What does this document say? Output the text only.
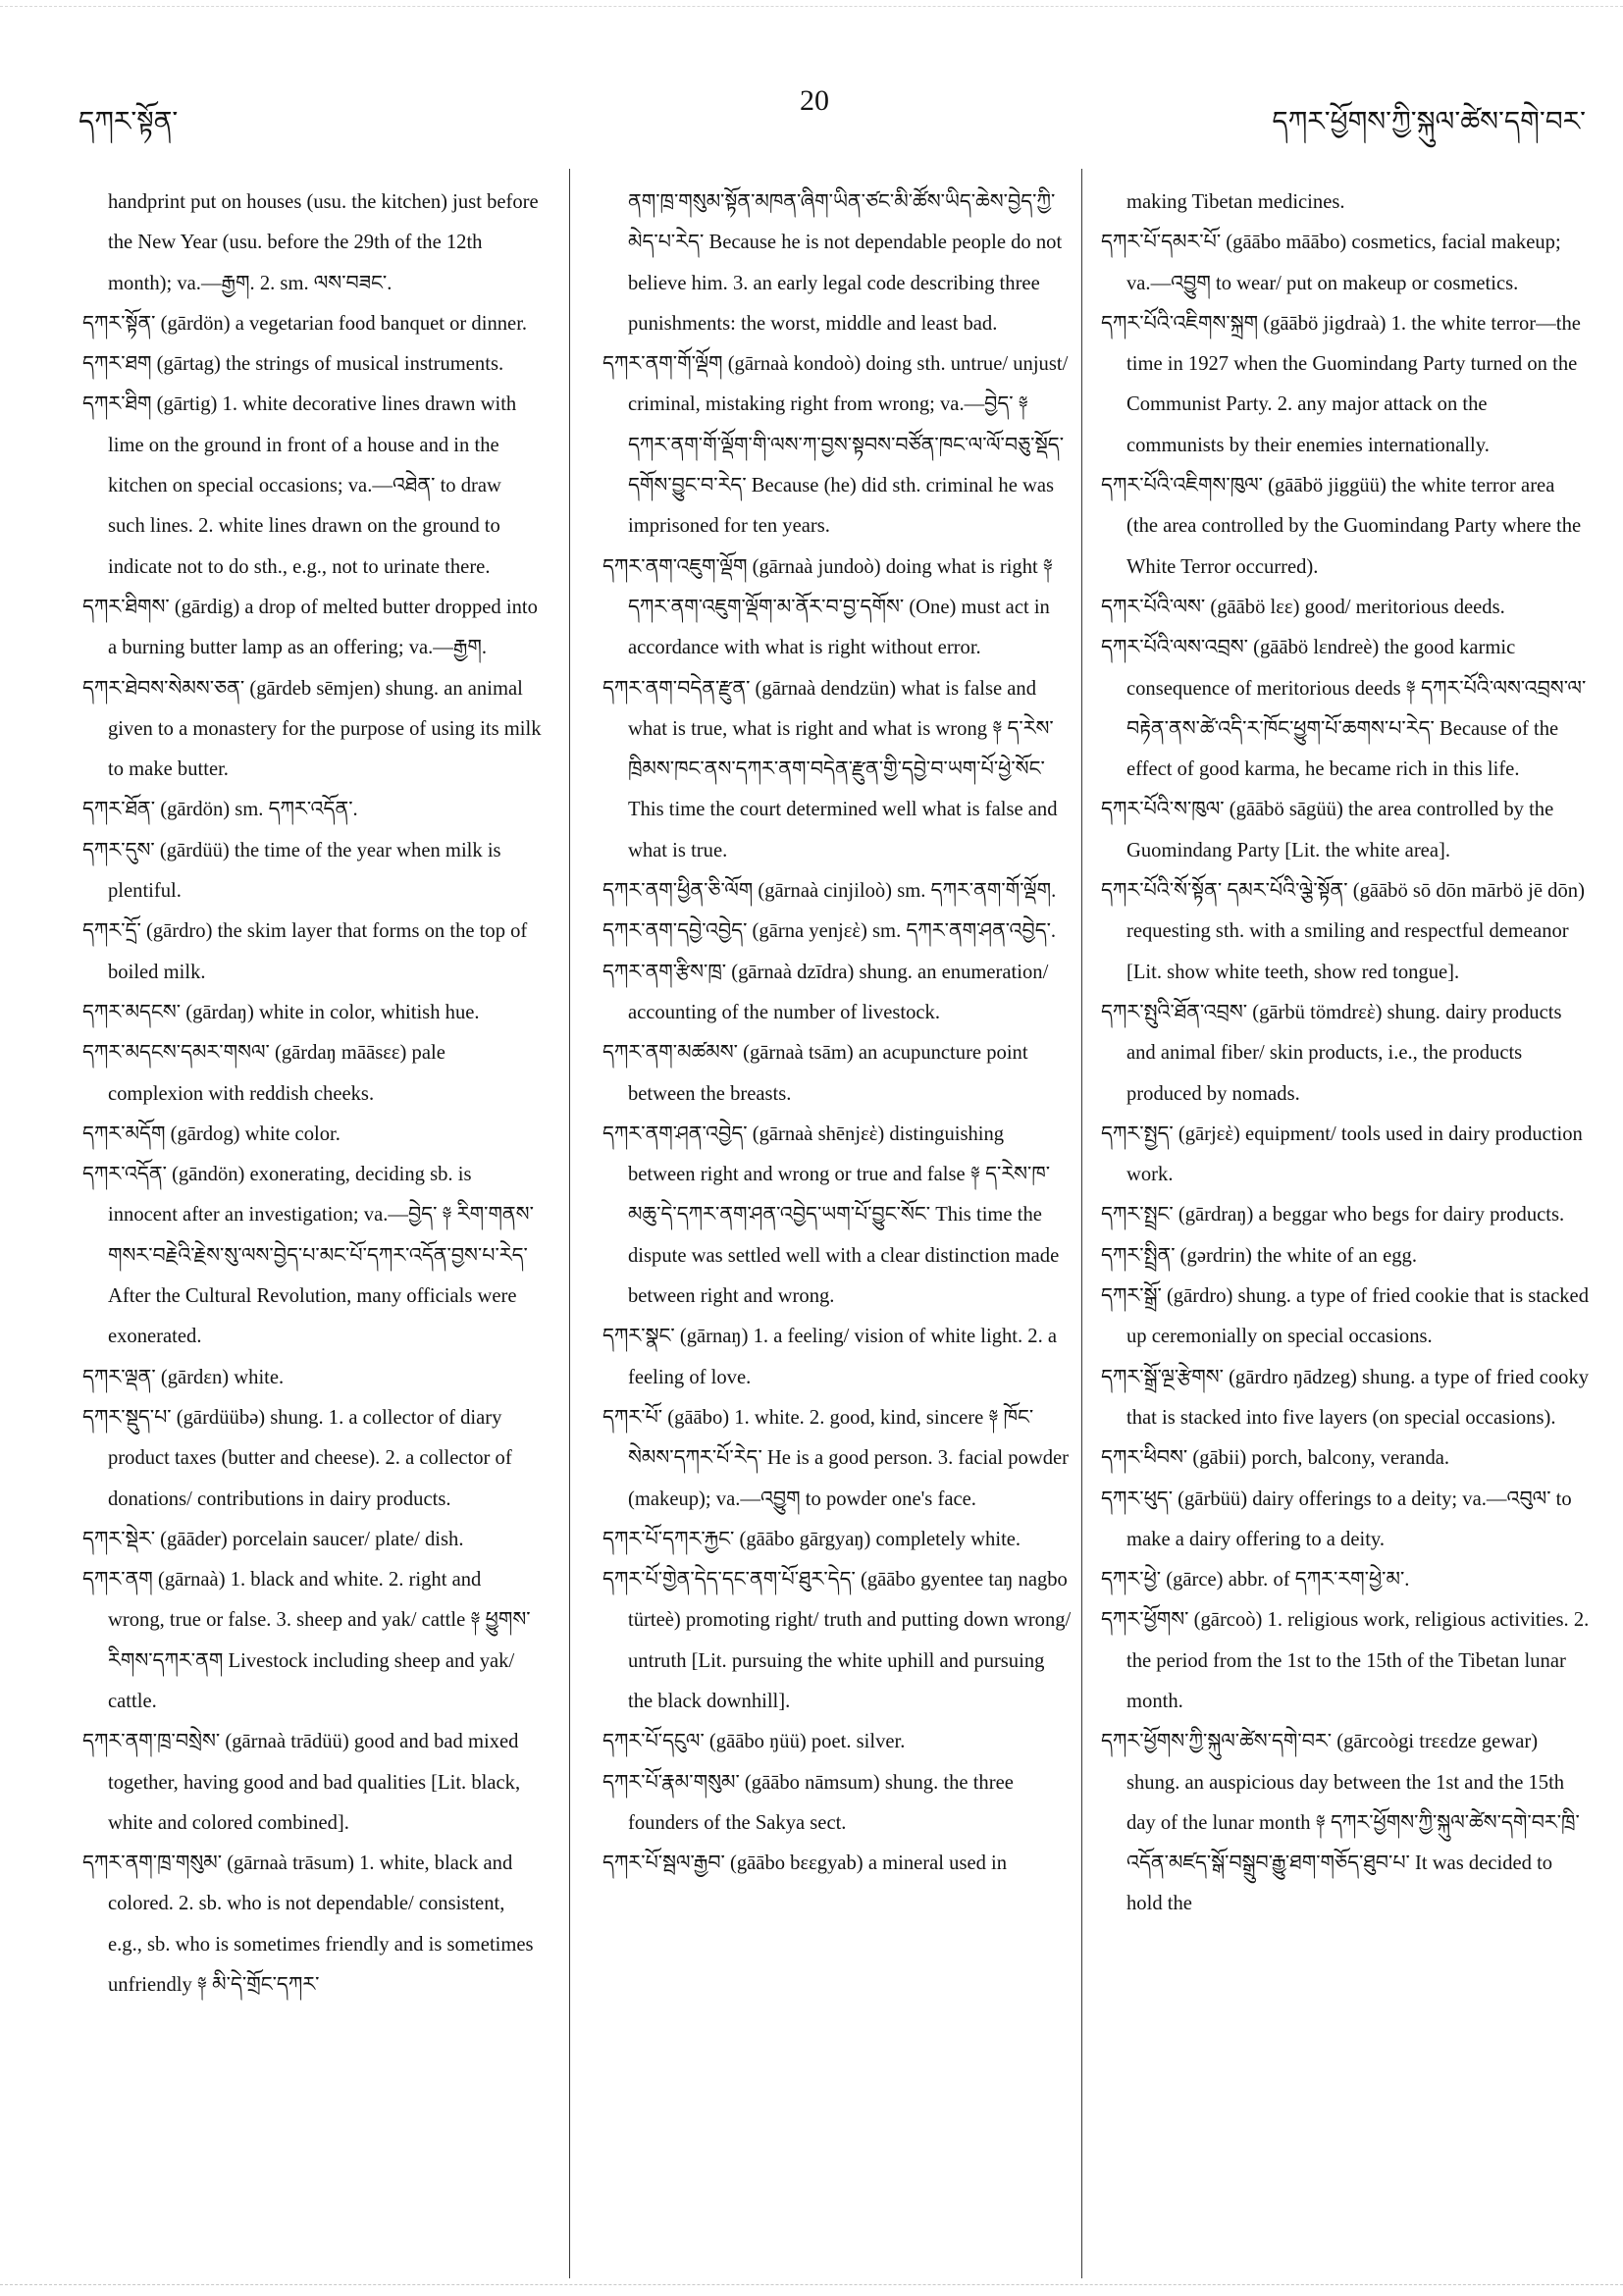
དཀར་སྟོན་
20
དཀར་ཕྱོགས་ཀྱི་སྐུལ་ཚེས་དགེ་བར་

handprint put on houses (usu. the kitchen) just before the New Year (usu. before the 29th of the 12th month); va.—རྒྱག. 2. sm. ལས་བཟང་.

དཀར་སྟོན་ (gārdön) a vegetarian food banquet or dinner.

དཀར་ཐག (gārtag) the strings of musical instruments.

དཀར་ཐིག (gārtig) 1. white decorative lines drawn with lime on the ground in front of a house and in the kitchen on special occasions; va.—འཐེན་ to draw such lines. 2. white lines drawn on the ground to indicate not to do sth., e.g., not to urinate there.

དཀར་ཐིགས་ (gārdig) a drop of melted butter dropped into a burning butter lamp as an offering; va.—རྒྱག.

དཀར་ཐེབས་སེམས་ཅན་ (gārdeb sēmjen) shung. an animal given to a monastery for the purpose of using its milk to make butter.

དཀར་ཐོན་ (gārdön) sm. དཀར་འདོན་.

དཀར་དུས་ (gārdüü) the time of the year when milk is plentiful.

དཀར་དྲོ་ (gārdro) the skim layer that forms on the top of boiled milk.

དཀར་མདངས་ (gārdaŋ) white in color, whitish hue.

དཀར་མདངས་དམར་གསལ་ (gārdaŋ māāsεε) pale complexion with reddish cheeks.

དཀར་མདོག (gārdog) white color.

དཀར་འདོན་ (gāndön) exonerating, deciding sb. is innocent after an investigation; va.—བྱེད་ ༈ རིག་གནས་གསར་བརྗེའི་རྗེས་སུ་ལས་བྱེད་པ་མང་པོ་དཀར་འདོན་བྱས་པ་རེད་ After the Cultural Revolution, many officials were exonerated.

དཀར་ལྡན་ (gārdεn) white.

དཀར་སྡུད་པ་ (gārdüübə) shung. 1. a collector of diary product taxes (butter and cheese). 2. a collector of donations/ contributions in dairy products.

དཀར་སྡེར་ (gāāder) porcelain saucer/ plate/ dish.

དཀར་ནག (gārnaà) 1. black and white. 2. right and wrong, true or false. 3. sheep and yak/ cattle ༈ ཕྱུགས་རིགས་དཀར་ནག Livestock including sheep and yak/ cattle.

དཀར་ནག་ཁྲ་བསྲེས་ (gārnaà trādüü) good and bad mixed together, having good and bad qualities [Lit. black, white and colored combined].

དཀར་ནག་ཁྲ་གསུམ་ (gārnaà trāsum) 1. white, black and colored. 2. sb. who is not dependable/ consistent, e.g., sb. who is sometimes friendly and is sometimes unfriendly ༈ མི་དེ་གྲོང་དཀར་

ནག་ཁྲ་གསུམ་སྟོན་མཁན་ཞིག་ཡིན་ཙང་མི་ཚོས་ཡིད་ཆེས་བྱེད་ཀྱི་མེད་པ་རེད་ Because he is not dependable people do not believe him. 3. an early legal code describing three punishments: the worst, middle and least bad.

དཀར་ནག་གོ་ལྡོག (gārnaà kondoò) doing sth. untrue/ unjust/ criminal, mistaking right from wrong; va.—བྱེད་ ༈ དཀར་ནག་གོ་ལྡོག་གི་ལས་ཀ་བྱས་སྟབས་བཙོན་ཁང་ལ་ལོ་བཅུ་སྡོད་དགོས་བྱུང་བ་རེད་ Because (he) did sth. criminal he was imprisoned for ten years.

དཀར་ནག་འཇུག་ལྡོག (gārnaà jundoò) doing what is right ༈ དཀར་ནག་འཇུག་ལྡོག་མ་ནོར་བ་བྱ་དགོས་ (One) must act in accordance with what is right without error.

དཀར་ནག་བདེན་རྫུན་ (gārnaà dendzün) what is false and what is true, what is right and what is wrong ༈ ད་རེས་ཁྲིམས་ཁང་ནས་དཀར་ནག་བདེན་རྫུན་གྱི་དབྱེ་བ་ཡག་པོ་ཕྱེ་སོང་ This time the court determined well what is false and what is true.

དཀར་ནག་ཕྱིན་ཅི་ལོག (gārnaà cinjiloò) sm. དཀར་ནག་གོ་ལྡོག.

དཀར་ནག་དབྱེ་འབྱེད་ (gārna yenjεὲ) sm. དཀར་ནག་ཤན་འབྱེད་.

དཀར་ནག་རྩིས་ཁྲ་ (gārnaà dzīdra) shung. an enumeration/ accounting of the number of livestock.

དཀར་ནག་མཚམས་ (gārnaà tsām) an acupuncture point between the breasts.

དཀར་ནག་ཤན་འབྱེད་ (gārnaà shēnjεὲ) distinguishing between right and wrong or true and false ༈ ད་རེས་ཁ་མཆུ་དེ་དཀར་ནག་ཤན་འབྱེད་ཡག་པོ་བྱུང་སོང་ This time the dispute was settled well with a clear distinction made between right and wrong.

དཀར་སྣང་ (gārnaŋ) 1. a feeling/ vision of white light. 2. a feeling of love.

དཀར་པོ་ (gāābo) 1. white. 2. good, kind, sincere ༈ ཁོང་སེམས་དཀར་པོ་རེད་ He is a good person. 3. facial powder (makeup); va.—འབྱུག to powder one's face.

དཀར་པོ་དཀར་རྐྱང་ (gāābo gārgyaŋ) completely white.

དཀར་པོ་གྱེན་དེད་དང་ནག་པོ་ཐུར་དེད་ (gāābo gyentee taŋ nagbo türteè) promoting right/ truth and putting down wrong/ untruth [Lit. pursuing the white uphill and pursuing the black downhill].

དཀར་པོ་དངུལ་ (gāābo ŋüü) poet. silver.

དཀར་པོ་རྣམ་གསུམ་ (gāābo nāmsum) shung. the three founders of the Sakya sect.

དཀར་པོ་སྦལ་རྒྱབ་ (gāābo bεεgyab) a mineral used in

making Tibetan medicines.

དཀར་པོ་དམར་པོ་ (gāābo māābo) cosmetics, facial makeup; va.—འབྱུག to wear/ put on makeup or cosmetics.

དཀར་པོའི་འཇིགས་སྐྲག (gāābö jigdraà) 1. the white terror—the time in 1927 when the Guomindang Party turned on the Communist Party. 2. any major attack on the communists by their enemies internationally.

དཀར་པོའི་འཇིགས་ཁུལ་ (gāābö jiggüü) the white terror area (the area controlled by the Guomindang Party where the White Terror occurred).

དཀར་པོའི་ལས་ (gāābö lεε) good/ meritorious deeds.

དཀར་པོའི་ལས་འབྲས་ (gāābö lεndreè) the good karmic consequence of meritorious deeds ༈ དཀར་པོའི་ལས་འབྲས་ལ་བརྟེན་ནས་ཚེ་འདི་ར་ཁོང་ཕྱུག་པོ་ཆགས་པ་རེད་ Because of the effect of good karma, he became rich in this life.

དཀར་པོའི་ས་ཁུལ་ (gāābö sāgüü) the area controlled by the Guomindang Party [Lit. the white area].

དཀར་པོའི་སོ་སྟོན་ དམར་པོའི་ལྕེ་སྟོན་ (gāābö sō dōn mārbö jē dōn) requesting sth. with a smiling and respectful demeanor [Lit. show white teeth, show red tongue].

དཀར་སྤུའི་ཐོན་འབྲས་ (gārbü tömdrεὲ) shung. dairy products and animal fiber/ skin products, i.e., the products produced by nomads.

དཀར་སྤྱད་ (gārjεὲ) equipment/ tools used in dairy production work.

དཀར་སྤྲང་ (gārdraŋ) a beggar who begs for dairy products.

དཀར་སྤྲིན་ (gərdrin) the white of an egg.

དཀར་སྒྲོ་ (gārdro) shung. a type of fried cookie that is stacked up ceremonially on special occasions.

དཀར་སྒྲོ་ལྔ་རྩེགས་ (gārdro ŋādzeg) shung. a type of fried cooky that is stacked into five layers (on special occasions).

དཀར་ཕིབས་ (gābii) porch, balcony, veranda.

དཀར་ཕུད་ (gārbüü) dairy offerings to a deity; va.—འབུལ་ to make a dairy offering to a deity.

དཀར་ཕྱེ་ (gārce) abbr. of དཀར་རག་ཕྱེ་མ་.

དཀར་ཕྱོགས་ (gārcoò) 1. religious work, religious activities. 2. the period from the 1st to the 15th of the Tibetan lunar month.

དཀར་ཕྱོགས་ཀྱི་སྐུལ་ཚེས་དགེ་བར་ (gārcoògi trεεdze gewar) shung. an auspicious day between the 1st and the 15th day of the lunar month ༈ དཀར་ཕྱོགས་ཀྱི་སྐུལ་ཚེས་དགེ་བར་ཁྲི་འདོན་མཛད་སྒོ་བསྒྲུབ་རྒྱུ་ཐག་གཅོད་ཐུབ་པ་ It was decided to hold the
